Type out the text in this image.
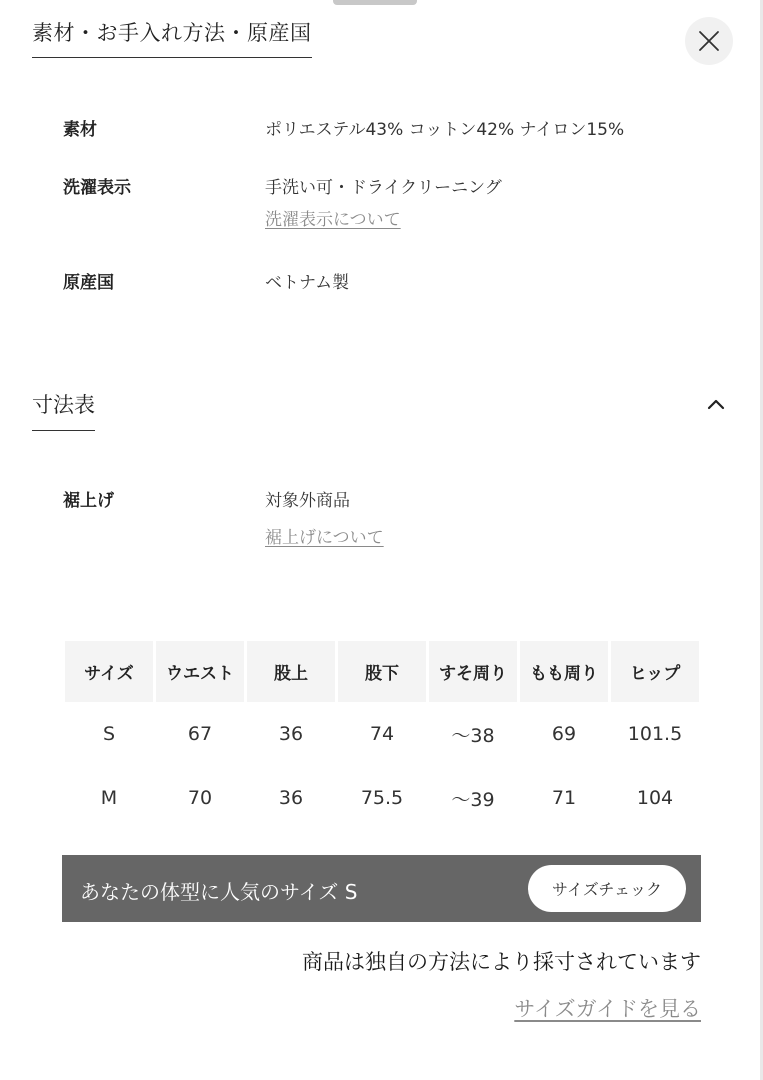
素材・お手入れ方法・原産国
素材	ポリエステル43% コットン42% ナイロン15%
洗濯表示	手洗い可・ドライクリーニング
洗濯表示について
原産国	ベトナム製
寸法表
裾上げ	対象外商品
裾上げについて
サイズ	ウエスト	股上	股下	すそ周り	もも周り	ヒップ
S	67	36	74	～38	69	101.5
M	70	36	75.5	～39	71	104
あなたの体型に人気のサイズ S	サイズチェック
商品は独自の方法により採寸されています
サイズガイドを見る
